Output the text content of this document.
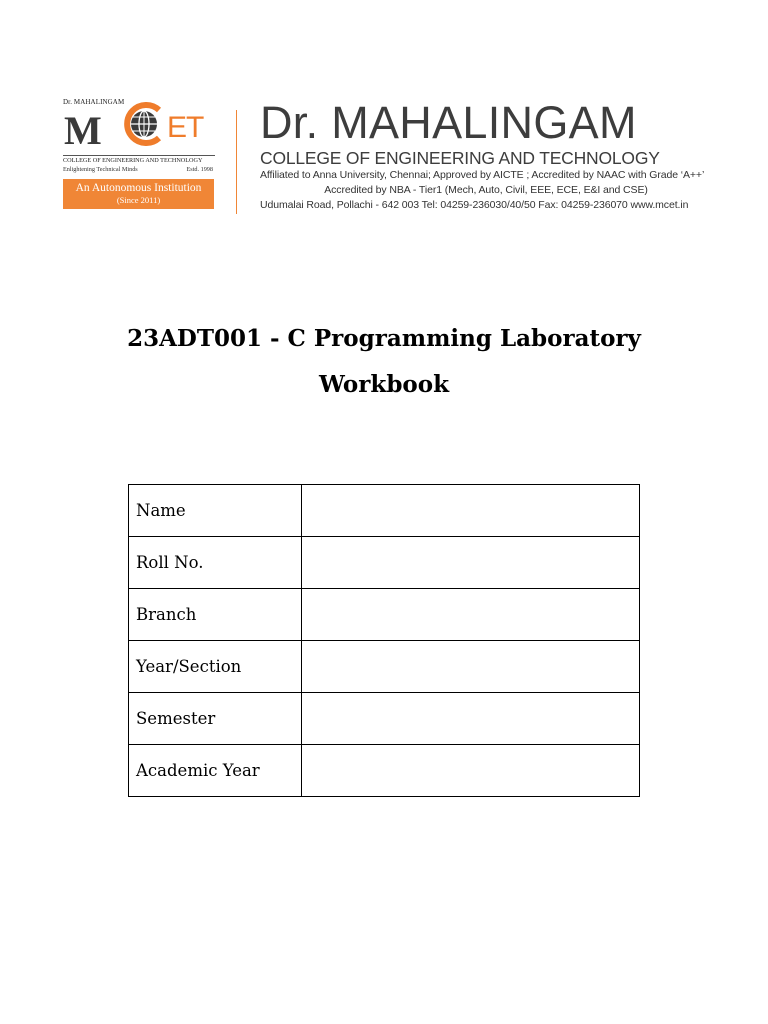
Dr. MAHALINGAM
M ET
COLLEGE OF ENGINEERING AND TECHNOLOGY
Enlightening Technical Minds	Estd. 1998
An Autonomous Institution
(Since 2011)
Dr. MAHALINGAM
COLLEGE OF ENGINEERING AND TECHNOLOGY
Affiliated to Anna University, Chennai; Approved by AICTE ; Accredited by NAAC with Grade ‘A++’
Accredited by NBA - Tier1 (Mech, Auto, Civil, EEE, ECE, E&I and CSE)
Udumalai Road, Pollachi - 642 003 Tel: 04259-236030/40/50 Fax: 04259-236070 www.mcet.in
23ADT001 - C Programming Laboratory
Workbook
Name	
Roll No.	
Branch	
Year/Section	
Semester	
Academic Year	
